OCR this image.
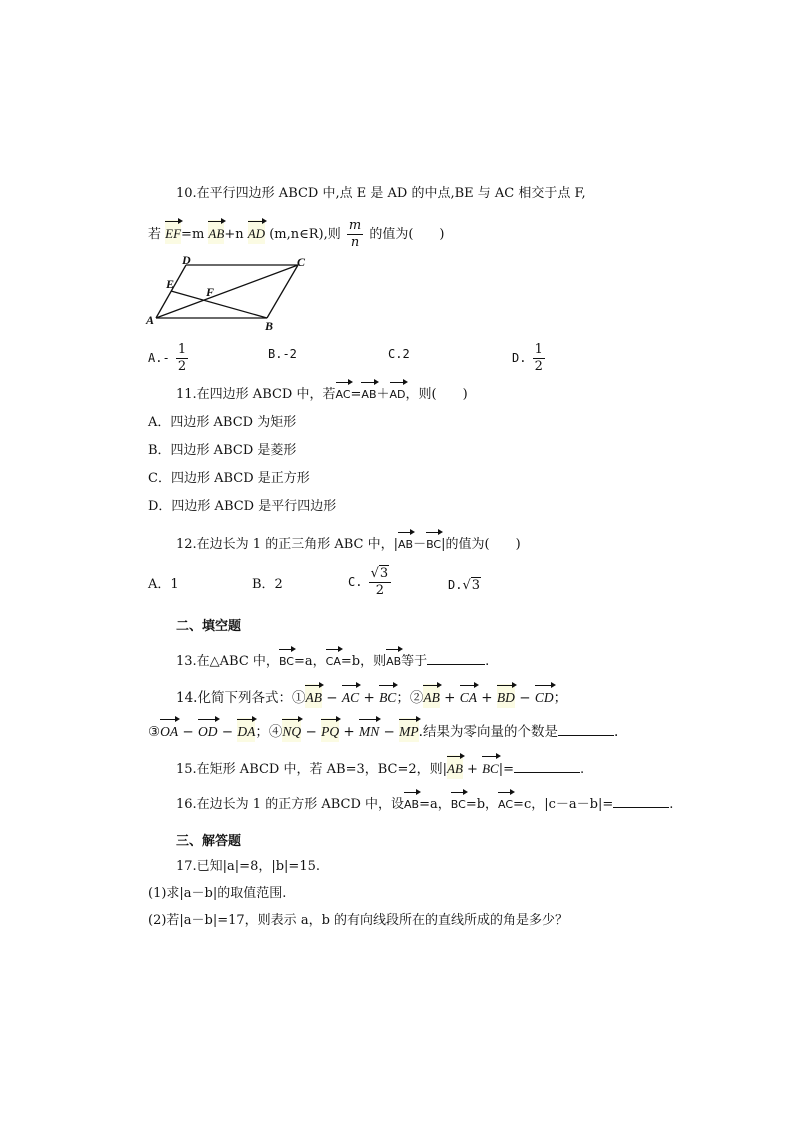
10.在平行四边形 ABCD 中,点 E 是 AD 的中点,BE 与 AC 相交于点 F,
若 EF=m AB+n AD (m,n∈R),则 $\frac{m}{n}$ 的值为(　　)
A	B
C
D
E
F
$A.- \frac{1}{2}$	B.-2	C.2	D. $\frac{1}{2}$
11.在四边形 ABCD 中，若AC=AB＋AD，则(　　)
A．四边形 ABCD 为矩形
B．四边形 ABCD 是菱形
C．四边形 ABCD 是正方形
D．四边形 ABCD 是平行四边形
12.在边长为 1 的正三角形 ABC 中，|AB－BC|的值为(　　)
A．1	B．2	C. $\frac{√3}{2}$	D.√3
二、填空题
13.在△ABC 中，BC=a，CA=b，则AB等于	.
14.化简下列各式：①AB − AC + BC；②AB + CA + BD − CD；
③OA − OD − DA；④NQ − PQ + MN − MP.结果为零向量的个数是	.
15.在矩形 ABCD 中，若 AB=3，BC=2，则|AB + BC|=	.
16.在边长为 1 的正方形 ABCD 中，设AB=a，BC=b，AC=c，|c－a－b|=	.
三、解答题
17.已知|a|=8，|b|=15.
(1)求|a－b|的取值范围.
(2)若|a－b|=17，则表示 a，b 的有向线段所在的直线所成的角是多少？
